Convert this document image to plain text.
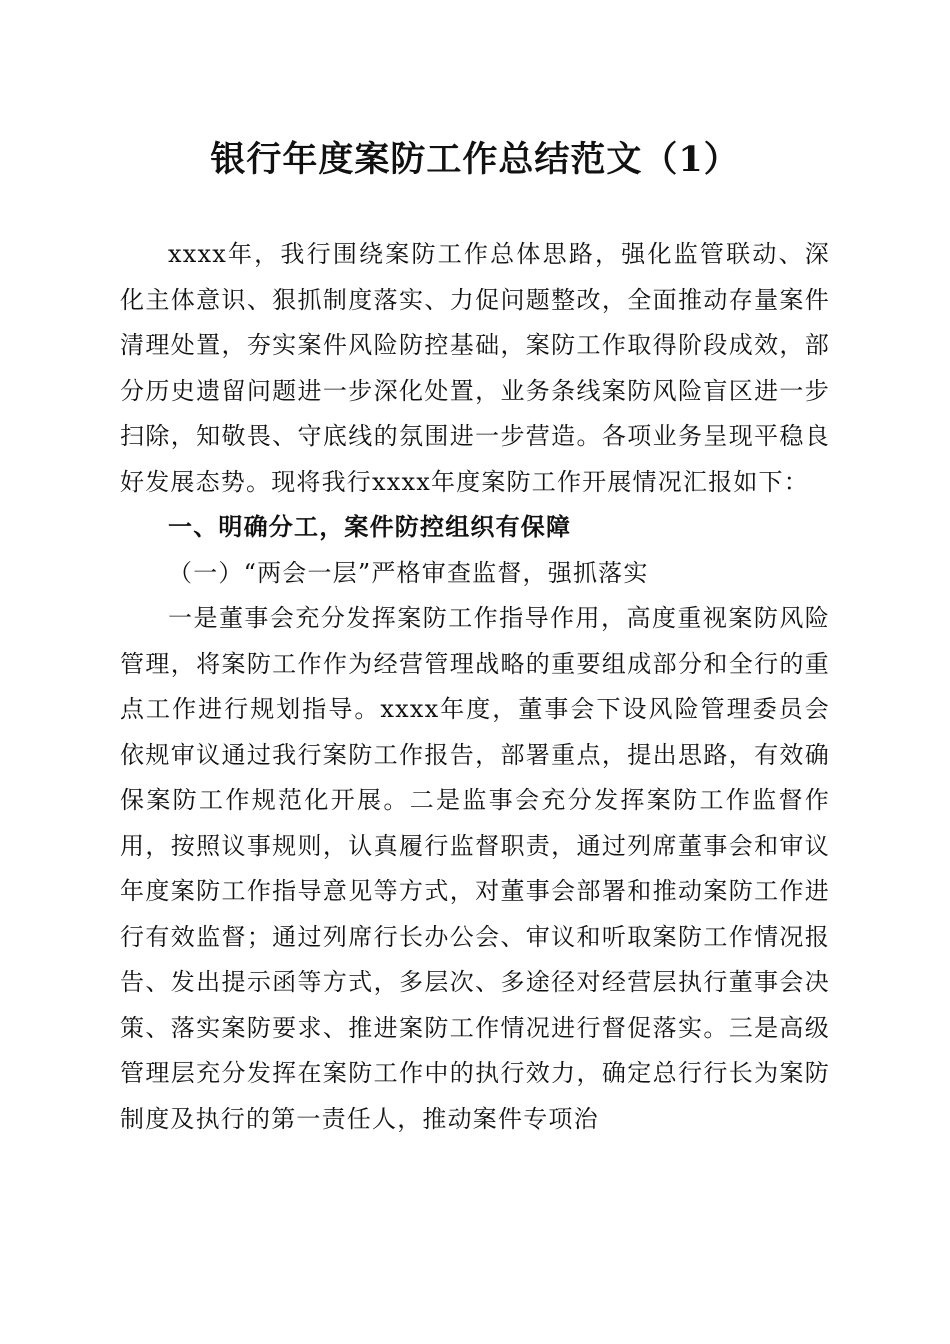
银行年度案防工作总结范文（1）

xxxx年，我行围绕案防工作总体思路，强化监管联动、深化主体意识、狠抓制度落实、力促问题整改，全面推动存量案件清理处置，夯实案件风险防控基础，案防工作取得阶段成效，部分历史遗留问题进一步深化处置，业务条线案防风险盲区进一步扫除，知敬畏、守底线的氛围进一步营造。各项业务呈现平稳良好发展态势。现将我行xxxx年度案防工作开展情况汇报如下：

一、明确分工，案件防控组织有保障

（一）“两会一层”严格审查监督，强抓落实

一是董事会充分发挥案防工作指导作用，高度重视案防风险管理，将案防工作作为经营管理战略的重要组成部分和全行的重点工作进行规划指导。xxxx年度，董事会下设风险管理委员会依规审议通过我行案防工作报告，部署重点，提出思路，有效确保案防工作规范化开展。二是监事会充分发挥案防工作监督作用，按照议事规则，认真履行监督职责，通过列席董事会和审议年度案防工作指导意见等方式，对董事会部署和推动案防工作进行有效监督；通过列席行长办公会、审议和听取案防工作情况报告、发出提示函等方式，多层次、多途径对经营层执行董事会决策、落实案防要求、推进案防工作情况进行督促落实。三是高级管理层充分发挥在案防工作中的执行效力，确定总行行长为案防制度及执行的第一责任人，推动案件专项治
